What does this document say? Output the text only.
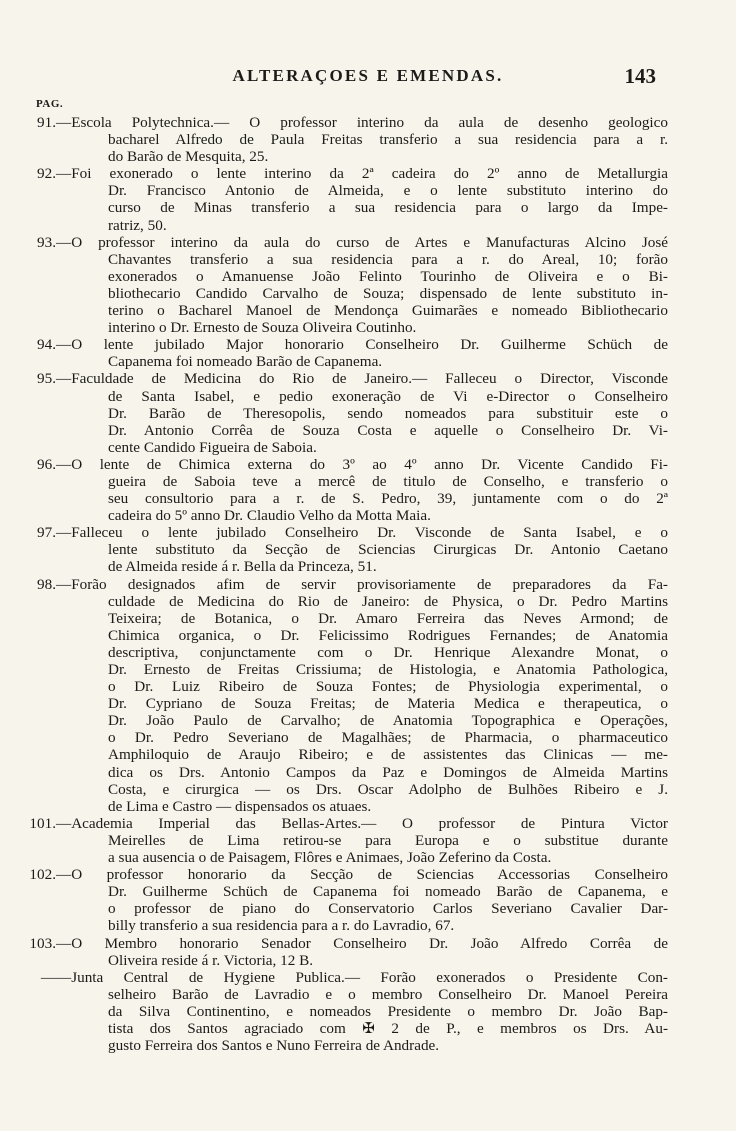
ALTERAÇOES E EMENDAS.	143
PAG.
91. —Escola Polytechnica.— O professor interino da aula de desenho geologico
bacharel Alfredo de Paula Freitas transferio a sua residencia para a r.
do Barão de Mesquita, 25.
92. —Foi exonerado o lente interino da 2ª cadeira do 2º anno de Metallurgia
Dr. Francisco Antonio de Almeida, e o lente substituto interino do
curso de Minas transferio a sua residencia para o largo da Impe-
ratriz, 50.
93. —O professor interino da aula do curso de Artes e Manufacturas Alcino José
Chavantes transferio a sua residencia para a r. do Areal, 10; forão
exonerados o Amanuense João Felinto Tourinho de Oliveira e o Bi-
bliothecario Candido Carvalho de Souza; dispensado de lente substituto in-
terino o Bacharel Manoel de Mendonça Guimarães e nomeado Bibliothecario
interino o Dr. Ernesto de Souza Oliveira Coutinho.
94. —O lente jubilado Major honorario Conselheiro Dr. Guilherme Schüch de
Capanema foi nomeado Barão de Capanema.
95. —Faculdade de Medicina do Rio de Janeiro.— Falleceu o Director, Visconde
de Santa Isabel, e pedio exoneração de Vi e-Director o Conselheiro
Dr. Barão de Theresopolis, sendo nomeados para substituir este o
Dr. Antonio Corrêa de Souza Costa e aquelle o Conselheiro Dr. Vi-
cente Candido Figueira de Saboia.
96. —O lente de Chimica externa do 3º ao 4º anno Dr. Vicente Candido Fi-
gueira de Saboia teve a mercê de titulo de Conselho, e transferio o
seu consultorio para a r. de S. Pedro, 39, juntamente com o do 2ª
cadeira do 5º anno Dr. Claudio Velho da Motta Maia.
97. —Falleceu o lente jubilado Conselheiro Dr. Visconde de Santa Isabel, e o
lente substituto da Secção de Sciencias Cirurgicas Dr. Antonio Caetano
de Almeida reside á r. Bella da Princeza, 51.
98. —Forão designados afim de servir provisoriamente de preparadores da Fa-
culdade de Medicina do Rio de Janeiro: de Physica, o Dr. Pedro Martins
Teixeira; de Botanica, o Dr. Amaro Ferreira das Neves Armond; de
Chimica organica, o Dr. Felicissimo Rodrigues Fernandes; de Anatomia
descriptiva, conjunctamente com o Dr. Henrique Alexandre Monat, o
Dr. Ernesto de Freitas Crissiuma; de Histologia, e Anatomia Pathologica,
o Dr. Luiz Ribeiro de Souza Fontes; de Physiologia experimental, o
Dr. Cypriano de Souza Freitas; de Materia Medica e therapeutica, o
Dr. João Paulo de Carvalho; de Anatomia Topographica e Operações,
o Dr. Pedro Severiano de Magalhães; de Pharmacia, o pharmaceutico
Amphiloquio de Araujo Ribeiro; e de assistentes das Clinicas — me-
dica os Drs. Antonio Campos da Paz e Domingos de Almeida Martins
Costa, e cirurgica — os Drs. Oscar Adolpho de Bulhões Ribeiro e J.
de Lima e Castro — dispensados os atuaes.
101. —Academia Imperial das Bellas-Artes.— O professor de Pintura Victor
Meirelles de Lima retirou-se para Europa e o substitue durante
a sua ausencia o de Paisagem, Flôres e Animaes, João Zeferino da Costa.
102. —O professor honorario da Secção de Sciencias Accessorias Conselheiro
Dr. Guilherme Schüch de Capanema foi nomeado Barão de Capanema, e
o professor de piano do Conservatorio Carlos Severiano Cavalier Dar-
billy transferio a sua residencia para a r. do Lavradio, 67.
103. —O Membro honorario Senador Conselheiro Dr. João Alfredo Corrêa de
Oliveira reside á r. Victoria, 12 B.
— —Junta Central de Hygiene Publica.— Forão exonerados o Presidente Con-
selheiro Barão de Lavradio e o membro Conselheiro Dr. Manoel Pereira
da Silva Continentino, e nomeados Presidente o membro Dr. João Bap-
tista dos Santos agraciado com ✠ 2 de P., e membros os Drs. Au-
gusto Ferreira dos Santos e Nuno Ferreira de Andrade.
